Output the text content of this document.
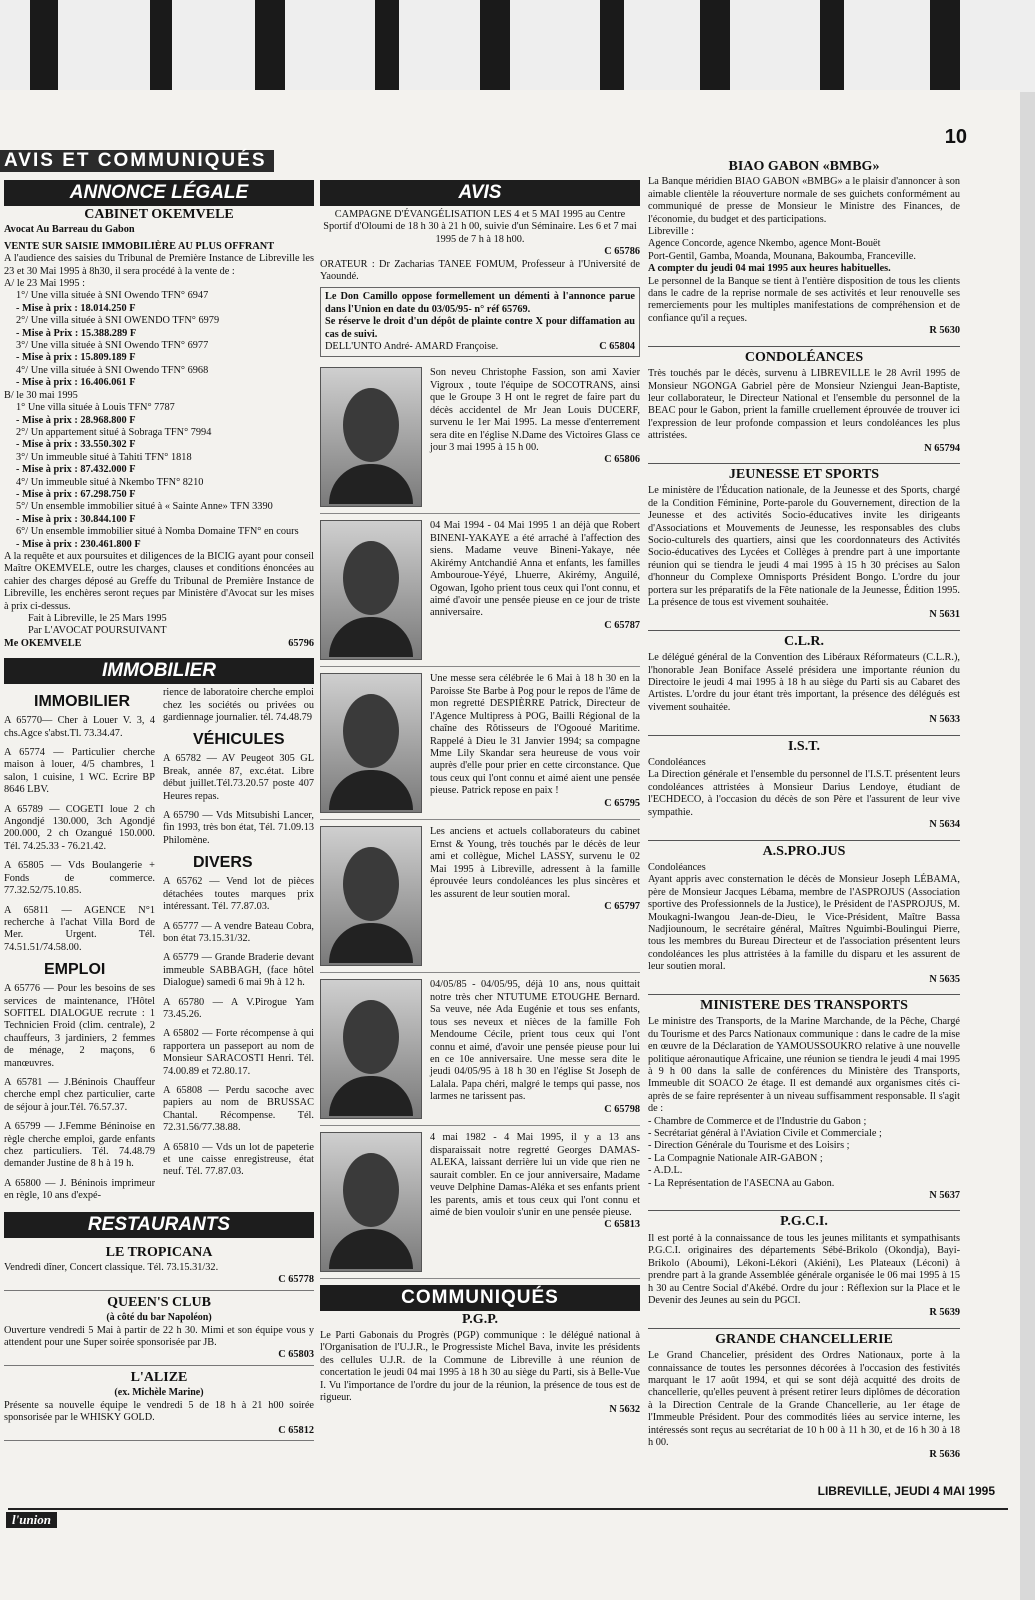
10
AVIS ET COMMUNIQUÉS
ANNONCE LÉGALE
CABINET OKEMVELE

Avocat Au Barreau du Gabon

VENTE SUR SAISIE IMMOBILIÈRE AU PLUS OFFRANT

A l'audience des saisies du Tribunal de Première Instance de Libreville les 23 et 30 Mai 1995 à 8h30, il sera procédé à la vente de :

A/ le 23 Mai 1995 :

1°/ Une villa située à SNI Owendo TFN° 6947

- Mise à prix : 18.014.250 F

2°/ Une villa située à SNI OWENDO TFN° 6979

- Mise à Prix : 15.388.289 F

3°/ Une villa située à SNI Owendo TFN° 6977

- Mise à prix : 15.809.189 F

4°/ Une villa située à SNI Owendo TFN° 6968

- Mise à prix : 16.406.061 F

B/ le 30 mai 1995

1° Une villa située à Louis TFN° 7787

- Mise à prix : 28.968.800 F

2°/ Un appartement situé à Sobraga TFN° 7994

- Mise à prix : 33.550.302 F

3°/ Un immeuble situé à Tahiti TFN° 1818

- Mise à prix : 87.432.000 F

4°/ Un immeuble situé à Nkembo TFN° 8210

- Mise à prix : 67.298.750 F

5°/ Un ensemble immobilier situé à « Sainte Anne» TFN 3390

- Mise à prix : 30.844.100 F

6°/ Un ensemble immobilier situé à Nomba Domaine TFN° en cours

- Mise à prix : 230.461.800 F

A la requête et aux poursuites et diligences de la BICIG ayant pour conseil Maître OKEMVELE, outre les charges, clauses et conditions énoncées au cahier des charges déposé au Greffe du Tribunal de Première Instance de Libreville, les enchères seront reçues par Ministère d'Avocat sur les mises à prix ci-dessus.

Fait à Libreville, le 25 Mars 1995

Par L'AVOCAT POURSUIVANT

Me OKEMVELE	65796
IMMOBILIER
IMMOBILIER
A 65770— Cher à Louer V. 3, 4 chs.Agce s'abst.Tl. 73.34.47.
A 65774 — Particulier cherche maison à louer, 4/5 chambres, 1 salon, 1 cuisine, 1 WC. Ecrire BP 8646 LBV.
A 65789 — COGETI loue 2 ch Angondjé 130.000, 3ch Agondjé 200.000, 2 ch Ozangué 150.000. Tél. 74.25.33 - 76.21.42.
A 65805 — Vds Boulangerie + Fonds de commerce. 77.32.52/75.10.85.
A 65811 — AGENCE N°1 recherche à l'achat Villa Bord de Mer. Urgent. Tél. 74.51.51/74.58.00.
EMPLOI
A 65776 — Pour les besoins de ses services de maintenance, l'Hôtel SOFITEL DIALOGUE recrute : 1 Technicien Froid (clim. centrale), 2 chauffeurs, 3 jardiniers, 2 femmes de ménage, 2 maçons, 6 manœuvres.
A 65781 — J.Béninois Chauffeur cherche empl chez particulier, carte de séjour à jour.Tél. 76.57.37.
A 65799 — J.Femme Béninoise en règle cherche emploi, garde enfants chez particuliers. Tél. 74.48.79 demander Justine de 8 h à 19 h.
A 65800 — J. Béninois imprimeur en règle, 10 ans d'expé-
rience de laboratoire cherche emploi chez les sociétés ou privées ou gardiennage journalier. tél. 74.48.79
VÉHICULES
A 65782 — AV Peugeot 305 GL Break, année 87, exc.état. Libre début juillet.Tél.73.20.57 poste 407 Heures repas.
A 65790 — Vds Mitsubishi Lancer, fin 1993, très bon état, Tél. 71.09.13 Philomène.
DIVERS
A 65762 — Vend lot de pièces détachées toutes marques prix intéressant. Tél. 77.87.03.
A 65777 — A vendre Bateau Cobra, bon état 73.15.31/32.
A 65779 — Grande Braderie devant immeuble SABBAGH, (face hôtel Dialogue) samedi 6 mai 9h à 12 h.
A 65780 — A V.Pirogue Yam 73.45.26.
A 65802 — Forte récompense à qui rapportera un passeport au nom de Monsieur SARACOSTI Henri. Tél. 74.00.89 et 72.80.17.
A 65808 — Perdu sacoche avec papiers au nom de BRUSSAC Chantal. Récompense. Tél. 72.31.56/77.38.88.
A 65810 — Vds un lot de papeterie et une caisse enregistreuse, état neuf. Tél. 77.87.03.
RESTAURANTS
LE TROPICANA

Vendredi dîner, Concert classique. Tél. 73.15.31/32.

C 65778

QUEEN'S CLUB
(à côté du bar Napoléon)

Ouverture vendredi 5 Mai à partir de 22 h 30. Mimi et son équipe vous y attendent pour une Super soirée sponsorisée par JB.

C 65803

L'ALIZE
(ex. Michèle Marine)

Présente sa nouvelle équipe le vendredi 5 de 18 h à 21 h00 soirée sponsorisée par le WHISKY GOLD.

C 65812

AVIS

CAMPAGNE D'ÉVANGÉLISATION LES 4 et 5 MAI 1995 au Centre Sportif d'Oloumi de 18 h 30 à 21 h 00, suivie d'un Séminaire. Les 6 et 7 mai 1995 de 7 h à 18 h00.

C 65786

ORATEUR : Dr Zacharias TANEE FOMUM, Professeur à l'Université de Yaoundé.

Le Don Camillo oppose formellement un démenti à l'annonce parue dans l'Union en date du 03/05/95- n° réf 65769.

Se réserve le droit d'un dépôt de plainte contre X pour diffamation au cas de suivi.

DELL'UNTO André- AMARD Françoise.	C 65804

Son neveu Christophe Fassion, son ami Xavier Vigroux , toute l'équipe de SOCOTRANS, ainsi que le Groupe 3 H ont le regret de faire part du décès accidentel de Mr Jean Louis DUCERF, survenu le 1er Mai 1995. La messe d'enterrement sera dite en l'église N.Dame des Victoires Glass ce jour 3 mai 1995 à 15 h 00.

C 65806

04 Mai 1994 - 04 Mai 1995 1 an déjà que Robert BINENI-YAKAYE a été arraché à l'affection des siens. Madame veuve Bineni-Yakaye, née Akirémy Antchandié Anna et enfants, les familles Ambouroue-Yéyé, Lhuerre, Akirémy, Anguilé, Ogowan, Igoho prient tous ceux qui l'ont connu, et aimé d'avoir une pensée pieuse en ce jour de triste anniversaire.

C 65787

Une messe sera célébrée le 6 Mai à 18 h 30 en la Paroisse Ste Barbe à Pog pour le repos de l'âme de mon regretté DESPIÈRRE Patrick, Directeur de l'Agence Multipress à POG, Bailli Régional de la chaîne des Rôtisseurs de l'Ogooué Maritime. Rappelé à Dieu le 31 Janvier 1994; sa compagne Mme Lily Skandar sera heureuse de vous voir auprès d'elle pour prier en cette circonstance. Que tous ceux qui l'ont connu et aimé aient une pensée pieuse. Patrick repose en paix !

C 65795

Les anciens et actuels collaborateurs du cabinet Ernst & Young, très touchés par le décès de leur ami et collègue, Michel LASSY, survenu le 02 Mai 1995 à Libreville, adressent à la famille éprouvée leurs condoléances les plus sincères et les assurent de leur soutien moral.

C 65797

04/05/85 - 04/05/95, déjà 10 ans, nous quittait notre très cher NTUTUME ETOUGHE Bernard. Sa veuve, née Ada Eugénie et tous ses enfants, tous ses neveux et nièces de la famille Foh Mendoume Cécile, prient tous ceux qui l'ont connu et aimé, d'avoir une pensée pieuse pour lui en ce 10e anniversaire. Une messe sera dite le jeudi 04/05/95 à 18 h 30 en l'église St Joseph de Lalala. Papa chéri, malgré le temps qui passe, nos larmes ne tarissent pas.

C 65798

4 mai 1982 - 4 Mai 1995, il y a 13 ans disparaissait notre regretté Georges DAMAS-ALEKA, laissant derrière lui un vide que rien ne saurait combler. En ce jour anniversaire, Madame veuve Delphine Damas-Aléka et ses enfants prient les parents, amis et tous ceux qui l'ont connu et aimé de bien vouloir s'unir en une pensée pieuse.

C 65813

COMMUNIQUÉS
P.G.P.

Le Parti Gabonais du Progrès (PGP) communique : le délégué national à l'Organisation de l'U.J.R., le Progressiste Michel Bava, invite les présidents des cellules U.J.R. de la Commune de Libreville à une réunion de concertation le jeudi 04 mai 1995 à 18 h 30 au siège du Parti, sis à Belle-Vue I. Vu l'importance de l'ordre du jour de la réunion, la présence de tous est de rigueur.

N 5632

BIAO GABON «BMBG»

La Banque méridien BIAO GABON «BMBG» a le plaisir d'annoncer à son aimable clientèle la réouverture normale de ses guichets conformément au communiqué de presse de Monsieur le Ministre des Finances, de l'économie, du budget et des participations.

Libreville :

Agence Concorde, agence Nkembo, agence Mont-Bouët

Port-Gentil, Gamba, Moanda, Mounana, Bakoumba, Franceville.

A compter du jeudi 04 mai 1995 aux heures habituelles.

Le personnel de la Banque se tient à l'entière disposition de tous les clients dans le cadre de la reprise normale de ses activités et leur renouvelle ses remerciements pour les multiples manifestations de compréhension et de confiance qu'il a reçues.

R 5630

CONDOLÉANCES

Très touchés par le décès, survenu à LIBREVILLE le 28 Avril 1995 de Monsieur NGONGA Gabriel père de Monsieur Nziengui Jean-Baptiste, leur collaborateur, le Directeur National et l'ensemble du personnel de la BEAC pour le Gabon, prient la famille cruellement éprouvée de trouver ici l'expression de leur profonde compassion et leurs condoléances les plus attristées.

N 65794

JEUNESSE ET SPORTS

Le ministère de l'Éducation nationale, de la Jeunesse et des Sports, chargé de la Condition Féminine, Porte-parole du Gouvernement, direction de la Jeunesse et des activités Socio-éducatives invite les dirigeants d'Associations et Mouvements de Jeunesse, les responsables des clubs Socio-culturels des quartiers, ainsi que les coordonnateurs des Activités Socio-éducatives des Lycées et Collèges à prendre part à une importante réunion qui se tiendra le jeudi 4 mai 1995 à 15 h 30 précises au Salon d'honneur du Complexe Omnisports Président Bongo. L'ordre du jour portera sur les préparatifs de la Fête nationale de la Jeunesse, Édition 1995. La présence de tous est vivement souhaitée.

N 5631

C.L.R.

Le délégué général de la Convention des Libéraux Réformateurs (C.L.R.), l'honorable Jean Boniface Asselé présidera une importante réunion du Directoire le jeudi 4 mai 1995 à 18 h au siège du Parti sis au Cabaret des Artistes. L'ordre du jour étant très important, la présence des délégués est vivement souhaitée.

N 5633

I.S.T.

Condoléances

La Direction générale et l'ensemble du personnel de l'I.S.T. présentent leurs condoléances attristées à Monsieur Darius Lendoye, étudiant de l'ECHDECO, à l'occasion du décès de son Père et l'assurent de leur vive sympathie.

N 5634

A.S.PRO.JUS

Condoléances

Ayant appris avec consternation le décès de Monsieur Joseph LÉBAMA, père de Monsieur Jacques Lébama, membre de l'ASPROJUS (Association sportive des Professionnels de la Justice), le Président de l'ASPROJUS, M. Moukagni-Iwangou Jean-de-Dieu, le Vice-Président, Maître Bassa Nadjiounoum, le secrétaire général, Maîtres Nguimbi-Boulingui Pierre, tous les membres du Bureau Directeur et de l'association présentent leurs condoléances les plus attristées à la famille du disparu et les assurent de leur soutien moral.

N 5635

MINISTERE DES TRANSPORTS

Le ministre des Transports, de la Marine Marchande, de la Pêche, Chargé du Tourisme et des Parcs Nationaux communique : dans le cadre de la mise en œuvre de la Déclaration de YAMOUSSOUKRO relative à une nouvelle politique aéronautique Africaine, une réunion se tiendra le jeudi 4 mai 1995 à 9 h 00 dans la salle de conférences du Ministère des Transports, Immeuble dit SOACO 2e étage. Il est demandé aux organismes cités ci-après de se faire représenter à un niveau suffisamment responsable. Il s'agit de :

- Chambre de Commerce et de l'Industrie du Gabon ;

- Secrétariat général à l'Aviation Civile et Commerciale ;

- Direction Générale du Tourisme et des Loisirs ;

- La Compagnie Nationale AIR-GABON ;

- A.D.L.

- La Représentation de l'ASECNA au Gabon.

N 5637

P.G.C.I.

Il est porté à la connaissance de tous les jeunes militants et sympathisants P.G.C.I. originaires des départements Sébé-Brikolo (Okondja), Bayi-Brikolo (Aboumi), Lékoni-Lékori (Akiéni), Les Plateaux (Léconi) à prendre part à la grande Assemblée générale organisée le 06 mai 1995 à 15 h 30 au Centre Social d'Akébé. Ordre du jour : Réflexion sur la Place et le Devenir des Jeunes au sein du PGCI.

R 5639

GRANDE CHANCELLERIE

Le Grand Chancelier, président des Ordres Nationaux, porte à la connaissance de toutes les personnes décorées à l'occasion des festivités marquant le 17 août 1994, et qui se sont déjà acquitté des droits de chancellerie, qu'elles peuvent à présent retirer leurs diplômes de décoration à la Direction Centrale de la Grande Chancellerie, au 1er étage de l'Immeuble Président. Pour des commodités liées au service interne, les intéressés sont reçus au secrétariat de 10 h 00 à 11 h 30, et de 16 h 30 à 18 h 00.

R 5636

l'union
LIBREVILLE, JEUDI 4 MAI 1995
